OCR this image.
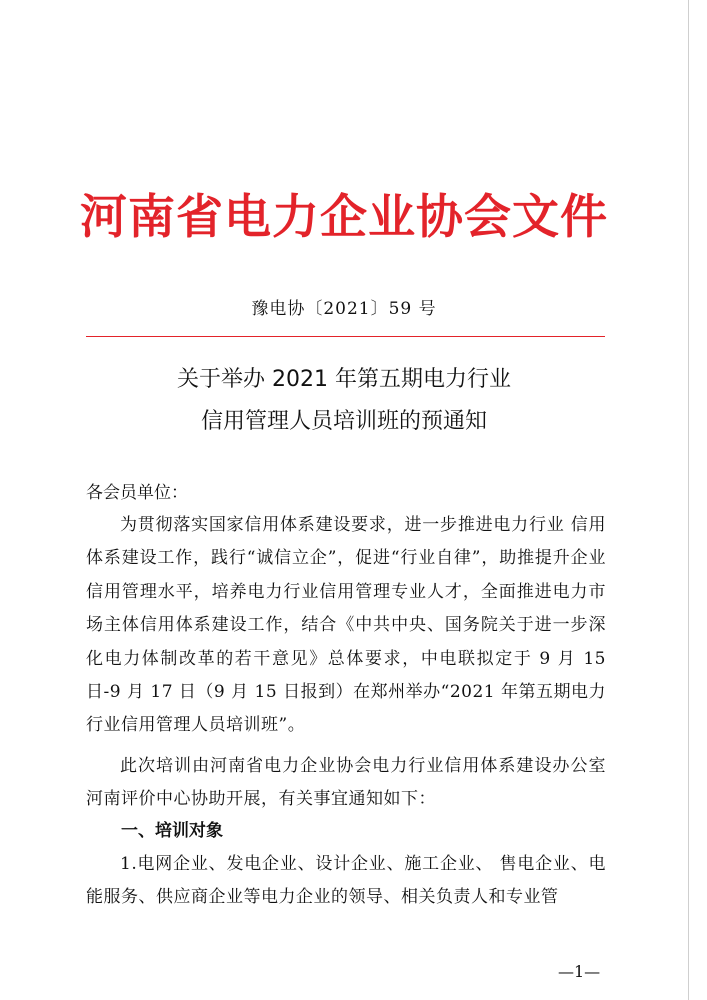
河南省电力企业协会文件
豫电协〔2021〕59 号
关于举办 2021 年第五期电力行业
信用管理人员培训班的预通知
各会员单位：

为贯彻落实国家信用体系建设要求，进一步推进电力行业 信用体系建设工作，践行“诚信立企”，促进“行业自律”，助推提升企业信用管理水平，培养电力行业信用管理专业人才，全面推进电力市场主体信用体系建设工作，结合《中共中央、国务院关于进一步深化电力体制改革的若干意见》总体要求，中电联拟定于 9 月 15 日-9 月 17 日（9 月 15 日报到）在郑州举办“2021 年第五期电力行业信用管理人员培训班”。

此次培训由河南省电力企业协会电力行业信用体系建设办公室河南评价中心协助开展，有关事宜通知如下：

一、培训对象

1.电网企业、发电企业、设计企业、施工企业、 售电企业、电能服务、供应商企业等电力企业的领导、相关负责人和专业管

—1—
